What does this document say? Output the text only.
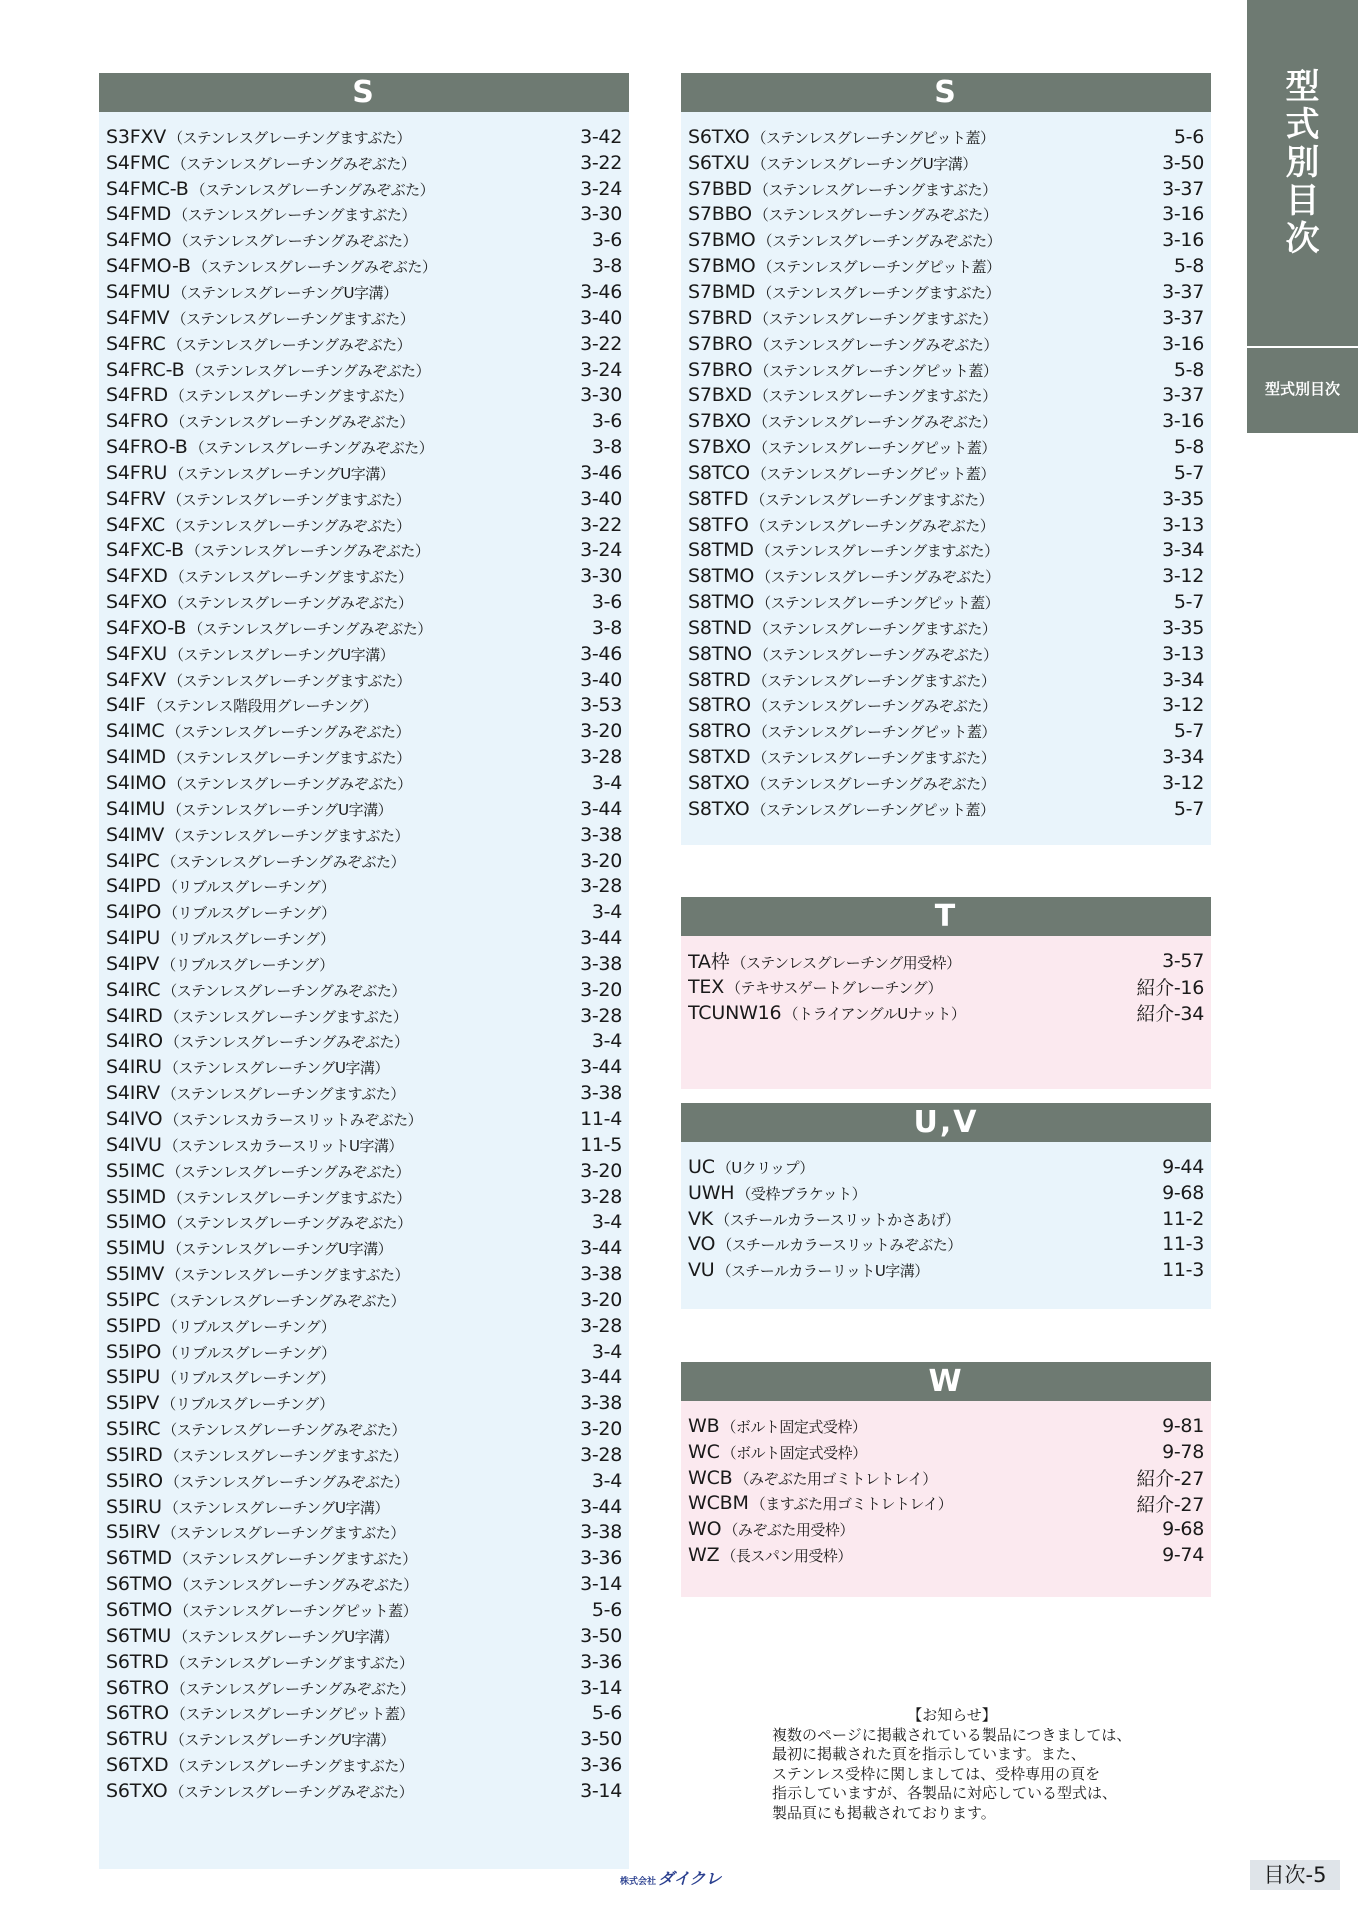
S
S3FXV （ステンレスグレーチングますぶた）	3-42
S4FMC （ステンレスグレーチングみぞぶた）	3-22
S4FMC-B （ステンレスグレーチングみぞぶた）	3-24
S4FMD （ステンレスグレーチングますぶた）	3-30
S4FMO （ステンレスグレーチングみぞぶた）	3-6
S4FMO-B （ステンレスグレーチングみぞぶた）	3-8
S4FMU （ステンレスグレーチングU字溝）	3-46
S4FMV （ステンレスグレーチングますぶた）	3-40
S4FRC （ステンレスグレーチングみぞぶた）	3-22
S4FRC-B （ステンレスグレーチングみぞぶた）	3-24
S4FRD （ステンレスグレーチングますぶた）	3-30
S4FRO （ステンレスグレーチングみぞぶた）	3-6
S4FRO-B （ステンレスグレーチングみぞぶた）	3-8
S4FRU （ステンレスグレーチングU字溝）	3-46
S4FRV （ステンレスグレーチングますぶた）	3-40
S4FXC （ステンレスグレーチングみぞぶた）	3-22
S4FXC-B （ステンレスグレーチングみぞぶた）	3-24
S4FXD （ステンレスグレーチングますぶた）	3-30
S4FXO （ステンレスグレーチングみぞぶた）	3-6
S4FXO-B （ステンレスグレーチングみぞぶた）	3-8
S4FXU （ステンレスグレーチングU字溝）	3-46
S4FXV （ステンレスグレーチングますぶた）	3-40
S4IF （ステンレス階段用グレーチング）	3-53
S4IMC （ステンレスグレーチングみぞぶた）	3-20
S4IMD （ステンレスグレーチングますぶた）	3-28
S4IMO （ステンレスグレーチングみぞぶた）	3-4
S4IMU （ステンレスグレーチングU字溝）	3-44
S4IMV （ステンレスグレーチングますぶた）	3-38
S4IPC （ステンレスグレーチングみぞぶた）	3-20
S4IPD （リブルスグレーチング）	3-28
S4IPO （リブルスグレーチング）	3-4
S4IPU （リブルスグレーチング）	3-44
S4IPV （リブルスグレーチング）	3-38
S4IRC （ステンレスグレーチングみぞぶた）	3-20
S4IRD （ステンレスグレーチングますぶた）	3-28
S4IRO （ステンレスグレーチングみぞぶた）	3-4
S4IRU （ステンレスグレーチングU字溝）	3-44
S4IRV （ステンレスグレーチングますぶた）	3-38
S4IVO （ステンレスカラースリットみぞぶた）	11-4
S4IVU （ステンレスカラースリットU字溝）	11-5
S5IMC （ステンレスグレーチングみぞぶた）	3-20
S5IMD （ステンレスグレーチングますぶた）	3-28
S5IMO （ステンレスグレーチングみぞぶた）	3-4
S5IMU （ステンレスグレーチングU字溝）	3-44
S5IMV （ステンレスグレーチングますぶた）	3-38
S5IPC （ステンレスグレーチングみぞぶた）	3-20
S5IPD （リブルスグレーチング）	3-28
S5IPO （リブルスグレーチング）	3-4
S5IPU （リブルスグレーチング）	3-44
S5IPV （リブルスグレーチング）	3-38
S5IRC （ステンレスグレーチングみぞぶた）	3-20
S5IRD （ステンレスグレーチングますぶた）	3-28
S5IRO （ステンレスグレーチングみぞぶた）	3-4
S5IRU （ステンレスグレーチングU字溝）	3-44
S5IRV （ステンレスグレーチングますぶた）	3-38
S6TMD （ステンレスグレーチングますぶた）	3-36
S6TMO （ステンレスグレーチングみぞぶた）	3-14
S6TMO （ステンレスグレーチングピット蓋）	5-6
S6TMU （ステンレスグレーチングU字溝）	3-50
S6TRD （ステンレスグレーチングますぶた）	3-36
S6TRO （ステンレスグレーチングみぞぶた）	3-14
S6TRO （ステンレスグレーチングピット蓋）	5-6
S6TRU （ステンレスグレーチングU字溝）	3-50
S6TXD （ステンレスグレーチングますぶた）	3-36
S6TXO （ステンレスグレーチングみぞぶた）	3-14
S
S6TXO （ステンレスグレーチングピット蓋）	5-6
S6TXU （ステンレスグレーチングU字溝）	3-50
S7BBD （ステンレスグレーチングますぶた）	3-37
S7BBO （ステンレスグレーチングみぞぶた）	3-16
S7BMO （ステンレスグレーチングみぞぶた）	3-16
S7BMO （ステンレスグレーチングピット蓋）	5-8
S7BMD （ステンレスグレーチングますぶた）	3-37
S7BRD （ステンレスグレーチングますぶた）	3-37
S7BRO （ステンレスグレーチングみぞぶた）	3-16
S7BRO （ステンレスグレーチングピット蓋）	5-8
S7BXD （ステンレスグレーチングますぶた）	3-37
S7BXO （ステンレスグレーチングみぞぶた）	3-16
S7BXO （ステンレスグレーチングピット蓋）	5-8
S8TCO （ステンレスグレーチングピット蓋）	5-7
S8TFD （ステンレスグレーチングますぶた）	3-35
S8TFO （ステンレスグレーチングみぞぶた）	3-13
S8TMD （ステンレスグレーチングますぶた）	3-34
S8TMO （ステンレスグレーチングみぞぶた）	3-12
S8TMO （ステンレスグレーチングピット蓋）	5-7
S8TND （ステンレスグレーチングますぶた）	3-35
S8TNO （ステンレスグレーチングみぞぶた）	3-13
S8TRD （ステンレスグレーチングますぶた）	3-34
S8TRO （ステンレスグレーチングみぞぶた）	3-12
S8TRO （ステンレスグレーチングピット蓋）	5-7
S8TXD （ステンレスグレーチングますぶた）	3-34
S8TXO （ステンレスグレーチングみぞぶた）	3-12
S8TXO （ステンレスグレーチングピット蓋）	5-7
T
TA枠 （ステンレスグレーチング用受枠）	3-57
TEX （テキサスゲートグレーチング）	紹介-16
TCUNW16 （トライアングルUナット）	紹介-34
U,V
UC （Uクリップ）	9-44
UWH （受枠ブラケット）	9-68
VK （スチールカラースリットかさあげ）	11-2
VO （スチールカラースリットみぞぶた）	11-3
VU （スチールカラーリットU字溝）	11-3
W
WB （ボルト固定式受枠）	9-81
WC （ボルト固定式受枠）	9-78
WCB （みぞぶた用ゴミトレトレイ）	紹介-27
WCBM （ますぶた用ゴミトレトレイ）	紹介-27
WO （みぞぶた用受枠）	9-68
WZ （長スパン用受枠）	9-74
型
式
別
目
次
型式別目次
【お知らせ】
複数のページに掲載されている製品につきましては、
最初に掲載された頁を指示しています。また、
ステンレス受枠に関しましては、受枠専用の頁を
指示していますが、各製品に対応している型式は、
製品頁にも掲載されております。
株式会社 ダイクレ	目次-5
